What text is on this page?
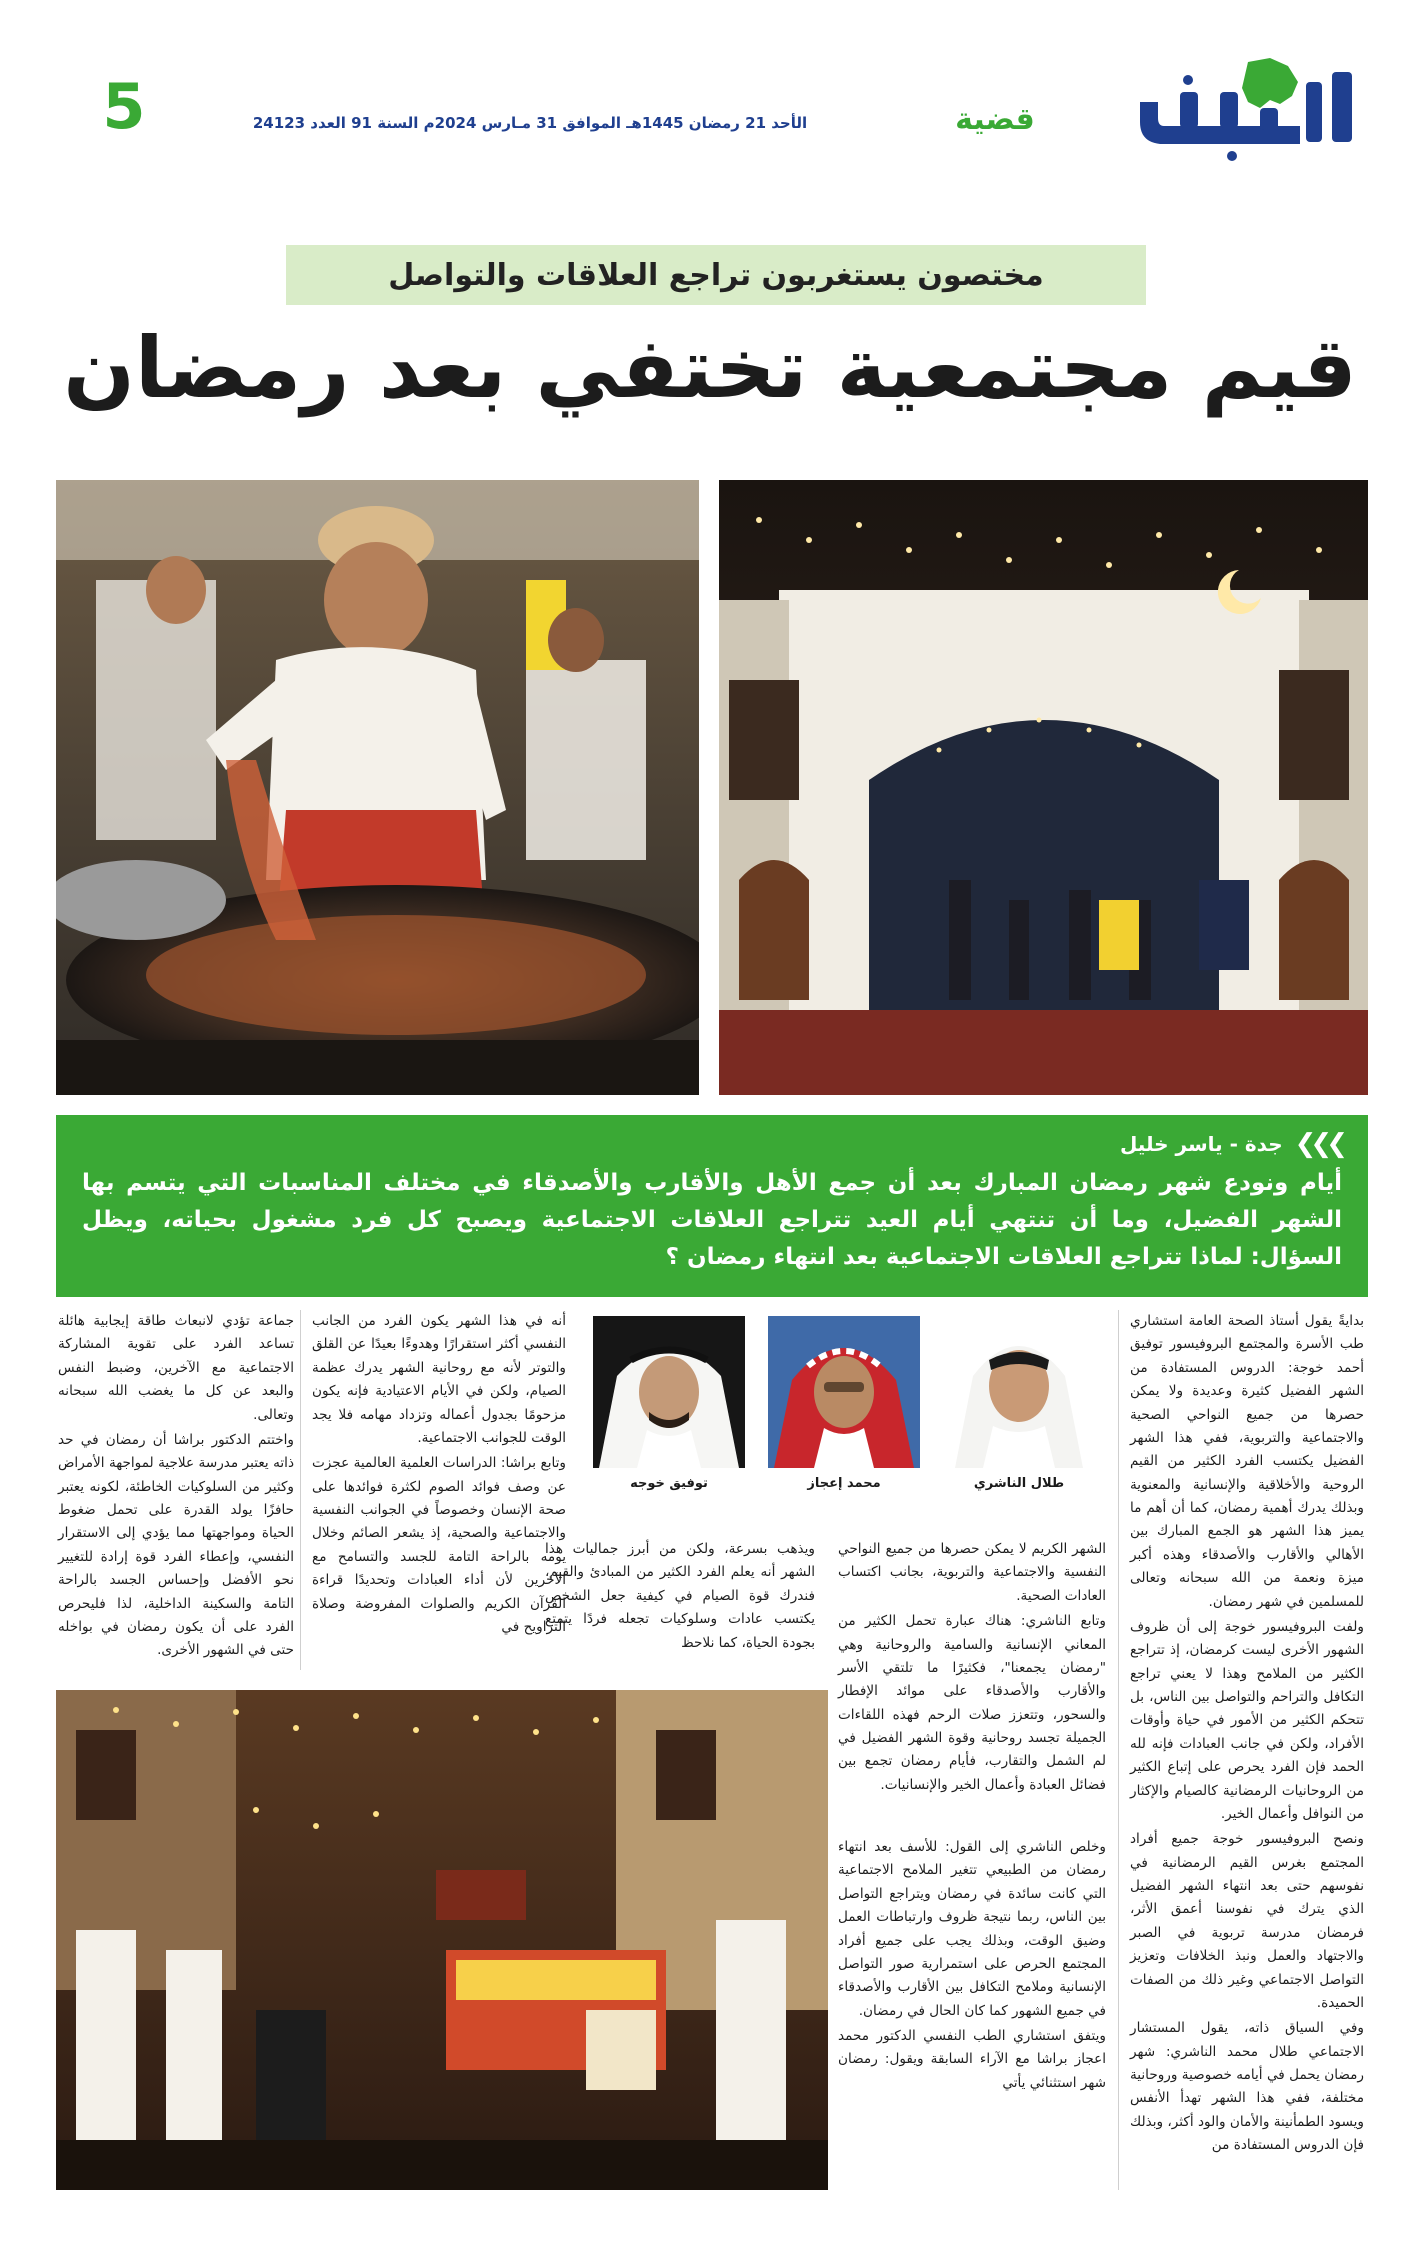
قضية
الأحد 21 رمضان 1445هـ الموافق 31 مـارس 2024م السنة 91 العدد 24123
5
مختصون يستغربون تراجع العلاقات والتواصل
قيم مجتمعية تختفي بعد رمضان
❮❮❮
جدة - ياسر خليل
أيام ونودع شهر رمضان المبارك بعد أن جمع الأهل والأقارب والأصدقاء في مختلف المناسبات التي يتسم بها الشهر الفضيل، وما أن تنتهي أيام العيد تتراجع العلاقات الاجتماعية ويصبح كل فرد مشغول بحياته، ويظل السؤال: لماذا تتراجع العلاقات الاجتماعية بعد انتهاء رمضان ؟
طلال الناشري
محمد إعجاز
توفيق خوجه

بدايةً يقول أستاذ الصحة العامة استشاري طب الأسرة والمجتمع البروفيسور توفيق أحمد خوجة: الدروس المستفادة من الشهر الفضيل كثيرة وعديدة ولا يمكن حصرها من جميع النواحي الصحية والاجتماعية والتربوية، ففي هذا الشهر الفضيل يكتسب الفرد الكثير من القيم الروحية والأخلاقية والإنسانية والمعنوية وبذلك يدرك أهمية رمضان، كما أن أهم ما يميز هذا الشهر هو الجمع المبارك بين الأهالي والأقارب والأصدقاء وهذه أكبر ميزة ونعمة من الله سبحانه وتعالى للمسلمين في شهر رمضان.

ولفت البروفيسور خوجة إلى أن ظروف الشهور الأخرى ليست كرمضان، إذ تتراجع الكثير من الملامح وهذا لا يعني تراجع التكافل والتراحم والتواصل بين الناس، بل تتحكم الكثير من الأمور في حياة وأوقات الأفراد، ولكن في جانب العبادات فإنه لله الحمد فإن الفرد يحرص على إتباع الكثير من الروحانيات الرمضانية كالصيام والإكثار من النوافل وأعمال الخير.

ونصح البروفيسور خوجة جميع أفراد المجتمع بغرس القيم الرمضانية في نفوسهم حتى بعد انتهاء الشهر الفضيل الذي يترك في نفوسنا أعمق الأثر، فرمضان مدرسة تربوية في الصبر والاجتهاد والعمل ونبذ الخلافات وتعزيز التواصل الاجتماعي وغير ذلك من الصفات الحميدة.

وفي السياق ذاته، يقول المستشار الاجتماعي طلال محمد الناشري: شهر رمضان يحمل في أيامه خصوصية وروحانية مختلفة، ففي هذا الشهر تهدأ الأنفس ويسود الطمأنينة والأمان والود أكثر، وبذلك فإن الدروس المستفادة من

الشهر الكريم لا يمكن حصرها من جميع النواحي النفسية والاجتماعية والتربوية، بجانب اكتساب العادات الصحية.

وتابع الناشري: هناك عبارة تحمل الكثير من المعاني الإنسانية والسامية والروحانية وهي "رمضان يجمعنا"، فكثيرًا ما تلتقي الأسر والأقارب والأصدقاء على موائد الإفطار والسحور، وتتعزز صلات الرحم فهذه اللقاءات الجميلة تجسد روحانية وقوة الشهر الفضيل في لم الشمل والتقارب، فأيام رمضان تجمع بين فضائل العبادة وأعمال الخير والإنسانيات.

وخلص الناشري إلى القول: للأسف بعد انتهاء رمضان من الطبيعي تتغير الملامح الاجتماعية التي كانت سائدة في رمضان ويتراجع التواصل بين الناس، ربما نتيجة ظروف وارتباطات العمل وضيق الوقت، وبذلك يجب على جميع أفراد المجتمع الحرص على استمرارية صور التواصل الإنسانية وملامح التكافل بين الأقارب والأصدقاء في جميع الشهور كما كان الحال في رمضان.

ويتفق استشاري الطب النفسي الدكتور محمد اعجاز براشا مع الآراء السابقة ويقول: رمضان شهر استثنائي يأتي

ويذهب بسرعة، ولكن من أبرز جماليات هذا الشهر أنه يعلم الفرد الكثير من المبادئ والقيم، فندرك قوة الصيام في كيفية جعل الشخص يكتسب عادات وسلوكيات تجعله فردًا يتمتع بجودة الحياة، كما نلاحظ

أنه في هذا الشهر يكون الفرد من الجانب النفسي أكثر استقرارًا وهدوءًا بعيدًا عن القلق والتوتر لأنه مع روحانية الشهر يدرك عظمة الصيام، ولكن في الأيام الاعتيادية فإنه يكون مزحومًا بجدول أعماله وتزداد مهامه فلا يجد الوقت للجوانب الاجتماعية.

وتابع براشا: الدراسات العلمية العالمية عجزت عن وصف فوائد الصوم لكثرة فوائدها على صحة الإنسان وخصوصاً في الجوانب النفسية والاجتماعية والصحية، إذ يشعر الصائم وخلال يومه بالراحة التامة للجسد والتسامح مع الآخرين لأن أداء العبادات وتحديدًا قراءة القرآن الكريم والصلوات المفروضة وصلاة التراويح في

جماعة تؤدي لانبعاث طاقة إيجابية هائلة تساعد الفرد على تقوية المشاركة الاجتماعية مع الآخرين، وضبط النفس والبعد عن كل ما يغضب الله سبحانه وتعالى.

واختتم الدكتور براشا أن رمضان في حد ذاته يعتبر مدرسة علاجية لمواجهة الأمراض وكثير من السلوكيات الخاطئة، لكونه يعتبر حافزًا يولد القدرة على تحمل ضغوط الحياة ومواجهتها مما يؤدي إلى الاستقرار النفسي، وإعطاء الفرد قوة إرادة للتغيير نحو الأفضل وإحساس الجسد بالراحة التامة والسكينة الداخلية، لذا فليحرص الفرد على أن يكون رمضان في بواخله حتى في الشهور الأخرى.
